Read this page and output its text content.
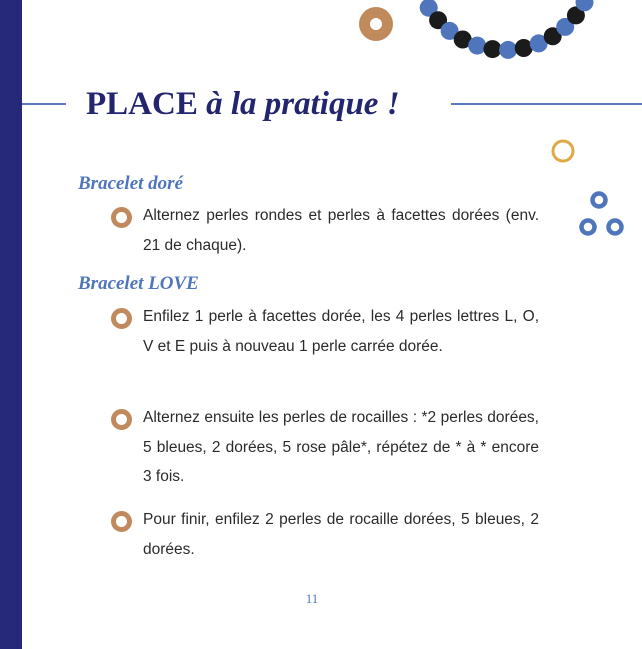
PLACE à la pratique !
Bracelet doré
Alternez perles rondes et perles à facettes dorées (env. 21 de chaque).
Bracelet LOVE
Enfilez 1 perle à facettes dorée, les 4 perles lettres L, O, V et E puis à nouveau 1 perle carrée dorée.
Alternez ensuite les perles de rocailles : *2 perles dorées, 5 bleues, 2 dorées, 5 rose pâle*, répétez de * à * encore 3 fois.
Pour finir, enfilez 2 perles de rocaille dorées, 5 bleues, 2 dorées.
11
